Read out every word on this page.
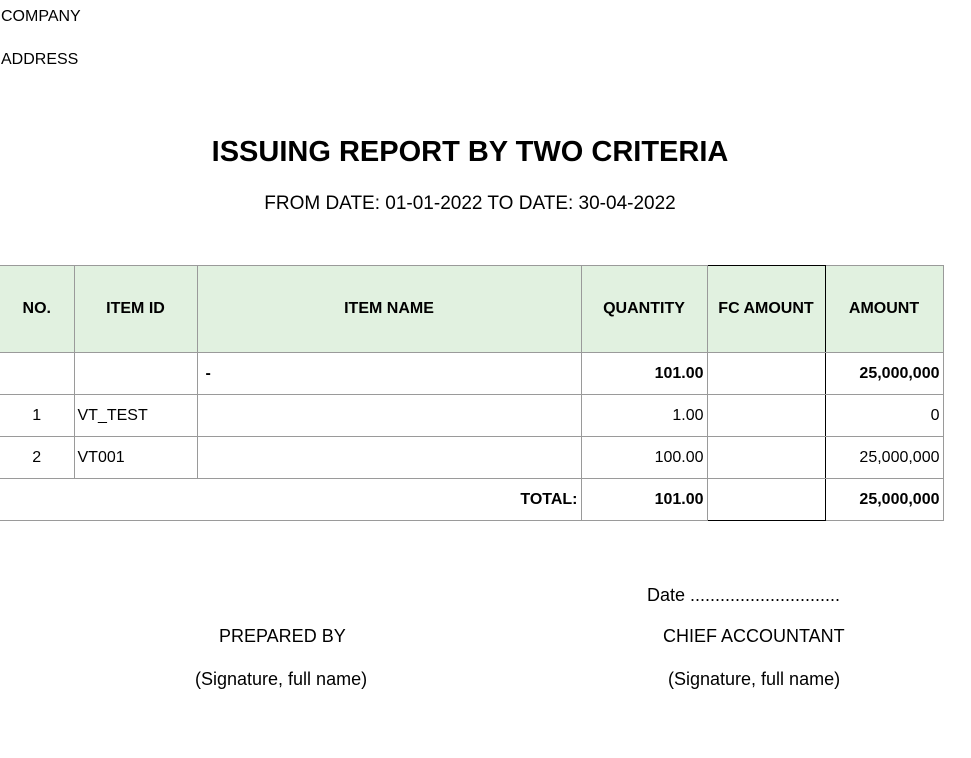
COMPANY
ADDRESS
ISSUING REPORT BY TWO CRITERIA
FROM DATE: 01-01-2022 TO DATE: 30-04-2022
NO.	ITEM ID	ITEM NAME	QUANTITY	FC AMOUNT	AMOUNT
		-	101.00		25,000,000
1	VT_TEST		1.00		0
2	VT001		100.00		25,000,000
TOTAL:			101.00		25,000,000
Date ..............................
PREPARED BY	CHIEF ACCOUNTANT
(Signature, full name)	(Signature, full name)
